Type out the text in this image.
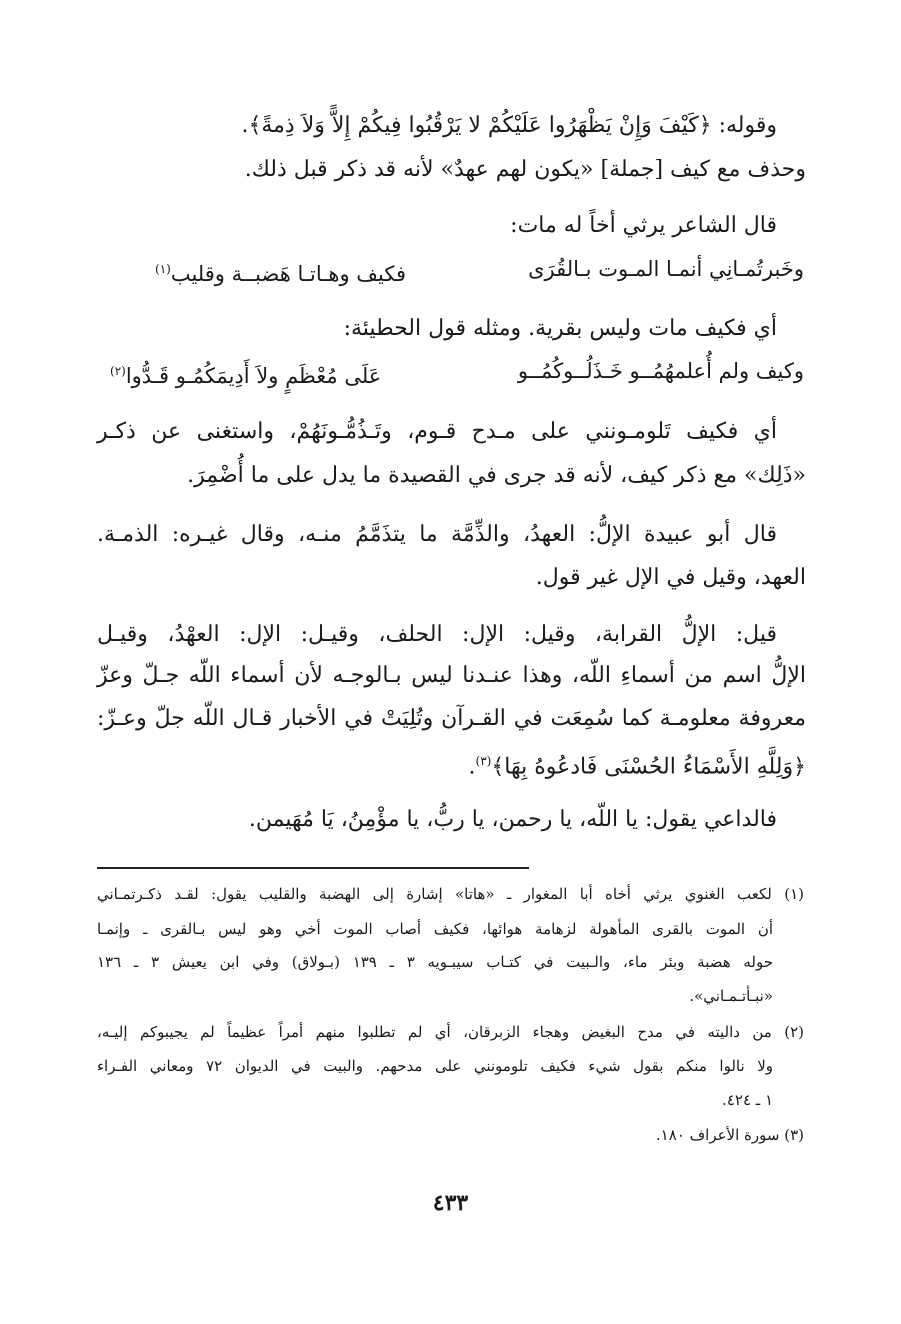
وقوله: ﴿كَيْفَ وَإِنْ يَظْهَرُوا عَلَيْكُمْ لا يَرْقُبُوا فِيكُمْ إِلاًّ وَلاَ ذِمةً﴾.
وحذف مع كيف [جملة] «يكون لهم عهدٌ» لأنه قد ذكر قبل ذلك.
قال الشاعر يرثي أخاً له مات:
وخَبرتُمـانِي أنمـا المـوت بـالقُرَى
فكيف وهـاتـا هَضبــة وقليب$^{(١)}$
أي فكيف مات وليس بقرية. ومثله قول الحطيئة:
وكيف ولم أُعلمهُمُــو خَـذَلُــوكُمُــو
عَلَى مُعْظَمٍ ولاَ أَدِيمَكُمُـو قَـدُّوا$^{(٢)}$
أي فكيف تَلومـونني على مـدح قـوم، وتَـذُمُّـونَهُمْ، واستغنى عن ذكـر
«ذَلِك» مع ذكر كيف، لأنه قد جرى في القصيدة ما يدل على ما أُضْمِرَ.
قال أبو عبيدة الإلُّ: العهدُ، والذِّمَّة ما يتذَمَّمُ منـه، وقال غيـره: الذمـة.
العهد، وقيل في الإل غير قول.
قيل: الإلُّ القرابة، وقيل: الإل: الحلف، وقيـل: الإل: العهْدُ، وقيـل
الإلُّ اسم من أسماءِ اللّه، وهذا عنـدنا ليس بـالوجـه لأن أسماء اللّه جـلّ وعزّ
معروفة معلومـة كما سُمِعَت في القـرآن وتُلِيَتْ في الأخبار قـال اللّه جلّ وعـزّ:
﴿وَلِلَّهِ الأَسْمَاءُ الحُسْنَى فَادعُوهُ بِهَا﴾$^{(٣)}$.
فالداعي يقول: يا اللّه، يا رحمن، يا ربُّ، يا مؤْمِنُ، يَا مُهَيمن.
(١) لكعب الغنوي يرثي أخاه أبا المغوار ـ «هاتا» إشارة إلى الهضبة والقليب يقول: لقـد ذكـرتمـاني
أن الموت بالقرى المأهولة لزهامة هوائها، فكيف أصاب الموت أخي وهو ليس بـالقرى ـ وإنمـا
حوله هضبة وبئر ماء، والـبيت في كتـاب سيبـويه ٣ ـ ١٣٩ (بـولاق) وفي ابن يعيش ٣ ـ ١٣٦
«نبـأتـمـاني».
(٢) من داليته في مدح البغيض وهجاء الزبرقان، أي لم تطلبوا منهم أمراً عظيماً لم يجيبوكم إليـه،
ولا نالوا منكم بقول شيء فكيف تلومونني على مدحهم. والبيت في الديوان ٧٢ ومعاني الفـراء
١ ـ ٤٢٤.
(٣) سورة الأعراف ١٨٠.
٤٣٣
